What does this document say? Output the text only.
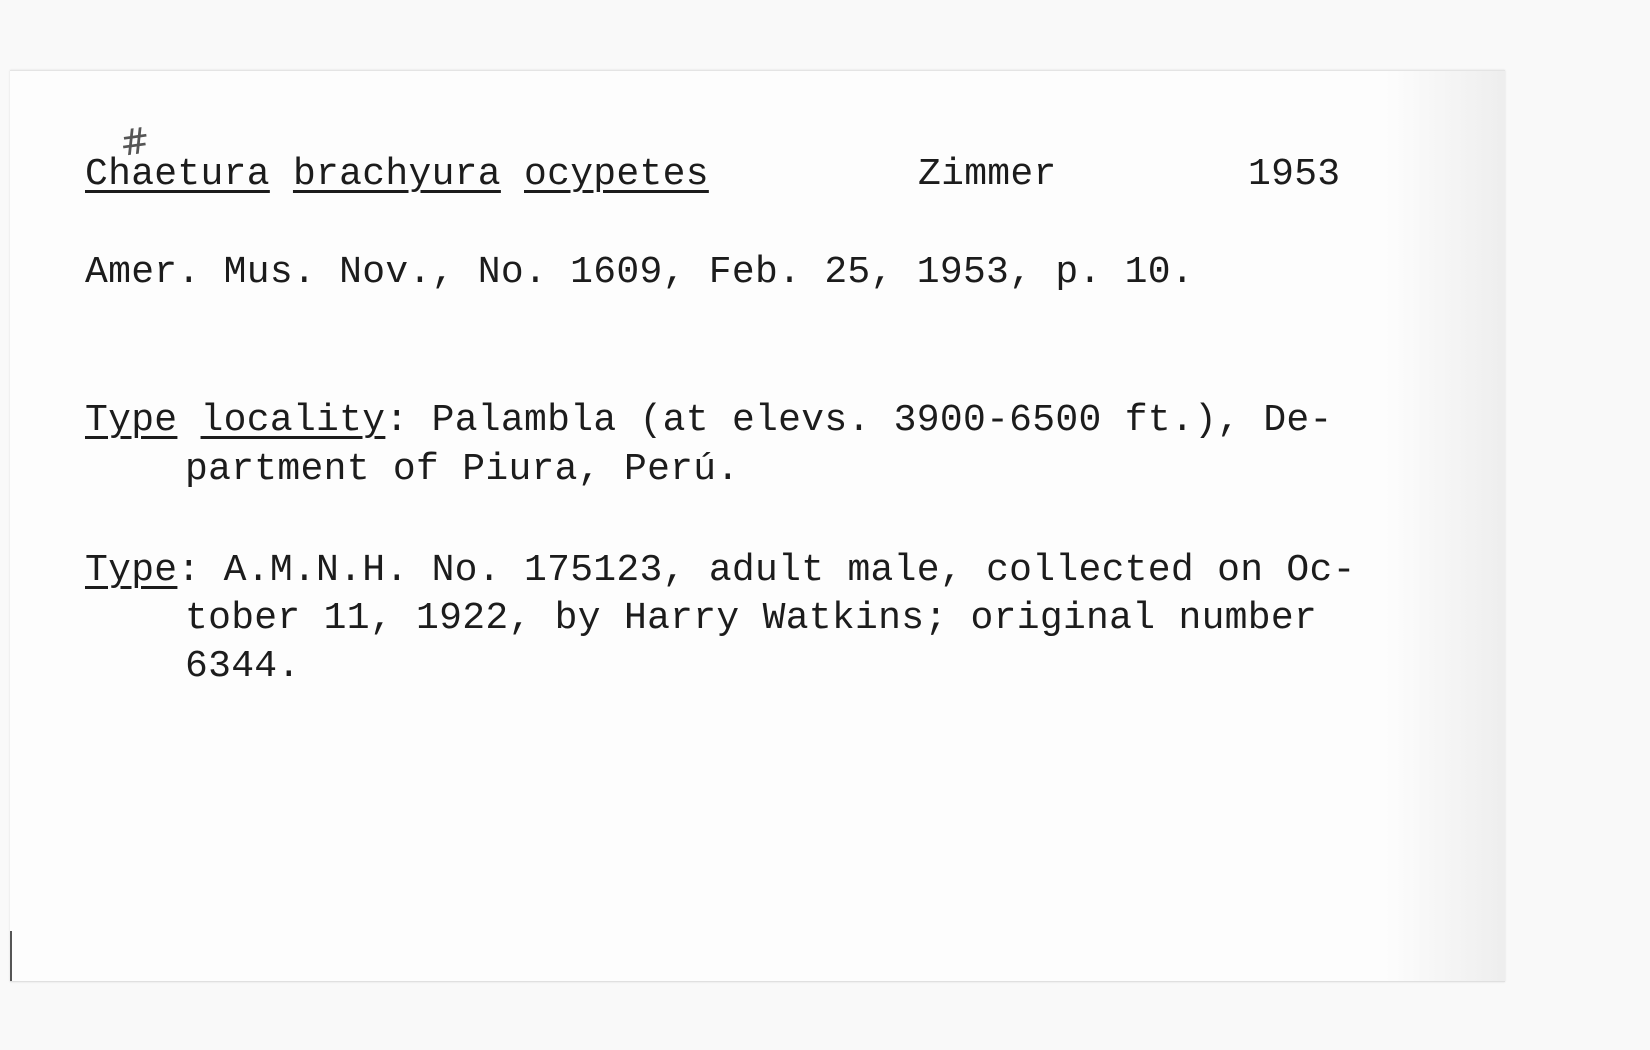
#
Chaetura brachyura ocypetes	Zimmer	1953
Amer. Mus. Nov., No. 1609, Feb. 25, 1953, p. 10.
Type locality: Palambla (at elevs. 3900-6500 ft.), De-
partment of Piura, Perú.
Type: A.M.N.H. No. 175123, adult male, collected on Oc-
tober 11, 1922, by Harry Watkins; original number
6344.
